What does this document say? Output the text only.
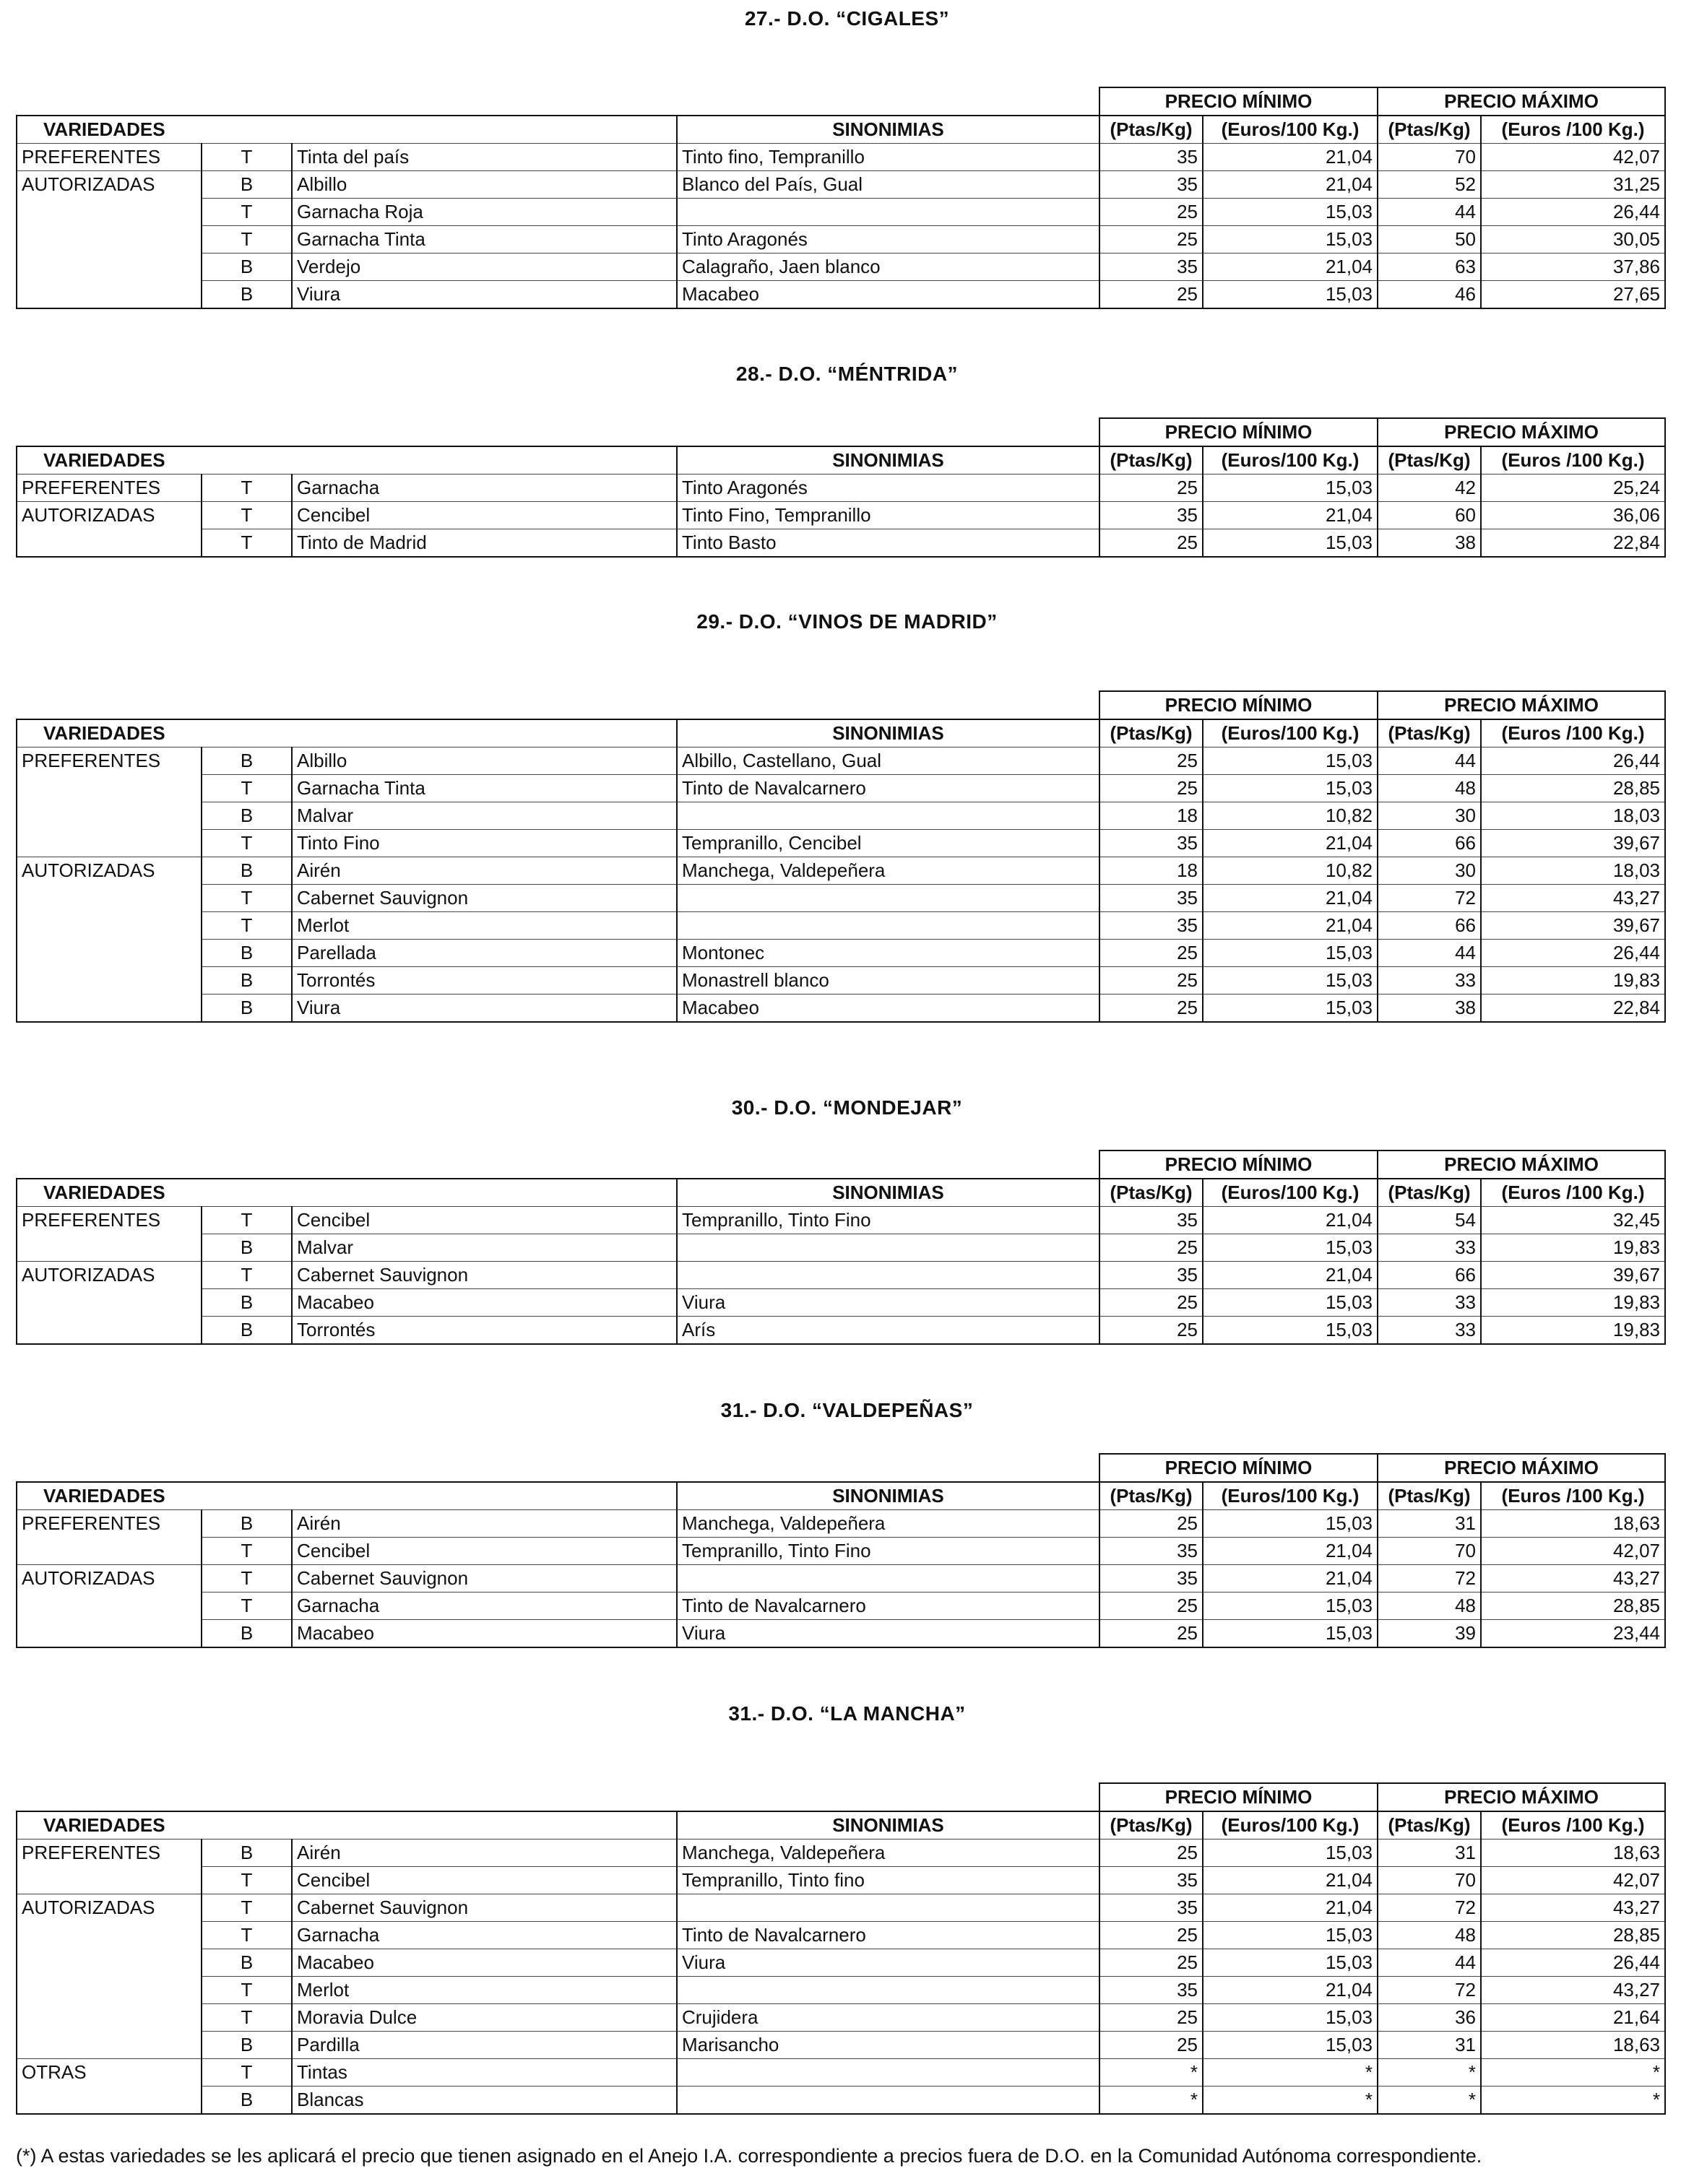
27.- D.O. “CIGALES”
				PRECIO MÍNIMO		PRECIO MÁXIMO	
VARIEDADES			SINONIMIAS	(Ptas/Kg)	(Euros/100 Kg.)	(Ptas/Kg)	(Euros /100 Kg.)
PREFERENTES	T	Tinta del país	Tinto fino, Tempranillo	35	21,04	70	42,07
AUTORIZADAS	B	Albillo	Blanco del País, Gual	35	21,04	52	31,25
	T	Garnacha Roja		25	15,03	44	26,44
	T	Garnacha Tinta	Tinto Aragonés	25	15,03	50	30,05
	B	Verdejo	Calagraño, Jaen blanco	35	21,04	63	37,86
	B	Viura	Macabeo	25	15,03	46	27,65
28.- D.O. “MÉNTRIDA”
				PRECIO MÍNIMO		PRECIO MÁXIMO	
VARIEDADES			SINONIMIAS	(Ptas/Kg)	(Euros/100 Kg.)	(Ptas/Kg)	(Euros /100 Kg.)
PREFERENTES	T	Garnacha	Tinto Aragonés	25	15,03	42	25,24
AUTORIZADAS	T	Cencibel	Tinto Fino, Tempranillo	35	21,04	60	36,06
	T	Tinto de Madrid	Tinto Basto	25	15,03	38	22,84
29.- D.O. “VINOS DE MADRID”
				PRECIO MÍNIMO		PRECIO MÁXIMO	
VARIEDADES			SINONIMIAS	(Ptas/Kg)	(Euros/100 Kg.)	(Ptas/Kg)	(Euros /100 Kg.)
PREFERENTES	B	Albillo	Albillo, Castellano, Gual	25	15,03	44	26,44
	T	Garnacha Tinta	Tinto de Navalcarnero	25	15,03	48	28,85
	B	Malvar		18	10,82	30	18,03
	T	Tinto Fino	Tempranillo, Cencibel	35	21,04	66	39,67
AUTORIZADAS	B	Airén	Manchega, Valdepeñera	18	10,82	30	18,03
	T	Cabernet Sauvignon		35	21,04	72	43,27
	T	Merlot		35	21,04	66	39,67
	B	Parellada	Montonec	25	15,03	44	26,44
	B	Torrontés	Monastrell blanco	25	15,03	33	19,83
	B	Viura	Macabeo	25	15,03	38	22,84
30.- D.O. “MONDEJAR”
				PRECIO MÍNIMO		PRECIO MÁXIMO	
VARIEDADES			SINONIMIAS	(Ptas/Kg)	(Euros/100 Kg.)	(Ptas/Kg)	(Euros /100 Kg.)
PREFERENTES	T	Cencibel	Tempranillo, Tinto Fino	35	21,04	54	32,45
	B	Malvar		25	15,03	33	19,83
AUTORIZADAS	T	Cabernet Sauvignon		35	21,04	66	39,67
	B	Macabeo	Viura	25	15,03	33	19,83
	B	Torrontés	Arís	25	15,03	33	19,83
31.- D.O. “VALDEPEÑAS”
				PRECIO MÍNIMO		PRECIO MÁXIMO	
VARIEDADES			SINONIMIAS	(Ptas/Kg)	(Euros/100 Kg.)	(Ptas/Kg)	(Euros /100 Kg.)
PREFERENTES	B	Airén	Manchega, Valdepeñera	25	15,03	31	18,63
	T	Cencibel	Tempranillo, Tinto Fino	35	21,04	70	42,07
AUTORIZADAS	T	Cabernet Sauvignon		35	21,04	72	43,27
	T	Garnacha	Tinto de Navalcarnero	25	15,03	48	28,85
	B	Macabeo	Viura	25	15,03	39	23,44
31.- D.O. “LA MANCHA”
				PRECIO MÍNIMO		PRECIO MÁXIMO	
VARIEDADES			SINONIMIAS	(Ptas/Kg)	(Euros/100 Kg.)	(Ptas/Kg)	(Euros /100 Kg.)
PREFERENTES	B	Airén	Manchega, Valdepeñera	25	15,03	31	18,63
	T	Cencibel	Tempranillo, Tinto fino	35	21,04	70	42,07
AUTORIZADAS	T	Cabernet Sauvignon		35	21,04	72	43,27
	T	Garnacha	Tinto de Navalcarnero	25	15,03	48	28,85
	B	Macabeo	Viura	25	15,03	44	26,44
	T	Merlot		35	21,04	72	43,27
	T	Moravia Dulce	Crujidera	25	15,03	36	21,64
	B	Pardilla	Marisancho	25	15,03	31	18,63
OTRAS	T	Tintas		*	*	*	*
	B	Blancas		*	*	*	*
(*) A estas variedades se les aplicará el precio que tienen asignado en el Anejo I.A. correspondiente a precios fuera de D.O. en la Comunidad Autónoma correspondiente.
